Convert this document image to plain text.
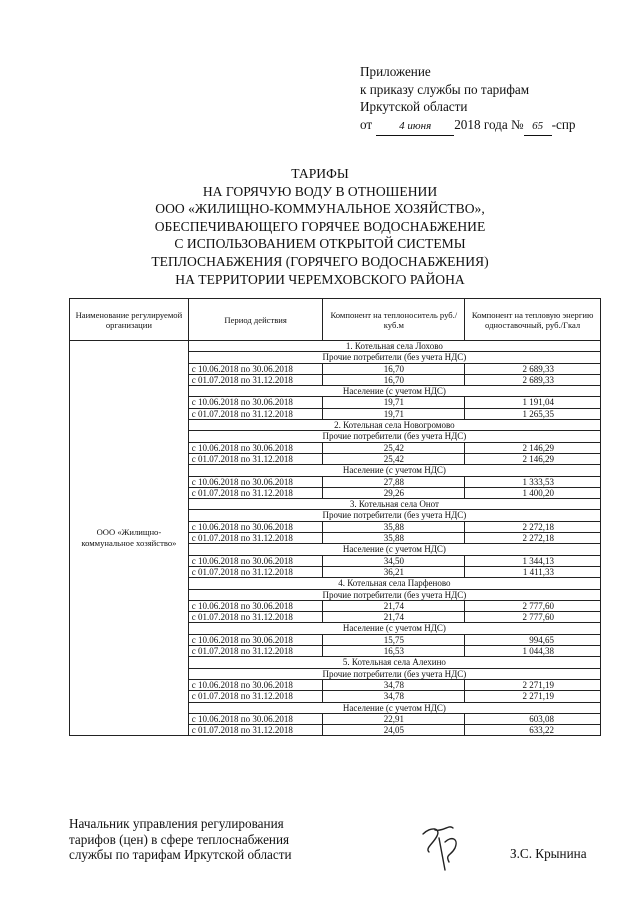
Приложение
к приказу службы по тарифам
Иркутской области
от 4 июня 2018 года № 65 -спр
ТАРИФЫ
НА ГОРЯЧУЮ ВОДУ В ОТНОШЕНИИ
ООО «ЖИЛИЩНО-КОММУНАЛЬНОЕ ХОЗЯЙСТВО»,
ОБЕСПЕЧИВАЮЩЕГО ГОРЯЧЕЕ ВОДОСНАБЖЕНИЕ
С ИСПОЛЬЗОВАНИЕМ ОТКРЫТОЙ СИСТЕМЫ
ТЕПЛОСНАБЖЕНИЯ (ГОРЯЧЕГО ВОДОСНАБЖЕНИЯ)
НА ТЕРРИТОРИИ ЧЕРЕМХОВСКОГО РАЙОНА
Наименование регулируемой организации	Период действия	Компонент на теплоноситель руб./куб.м	Компонент на тепловую энергию одноставочный, руб./Гкал
ООО «Жилищно-коммунальное хозяйство»	1. Котельная села Лохово		
	Прочие потребители (без учета НДС)		
	с 10.06.2018 по 30.06.2018	16,70	2 689,33
	с 01.07.2018 по 31.12.2018	16,70	2 689,33
	Население (с учетом НДС)		
	с 10.06.2018 по 30.06.2018	19,71	1 191,04
	с 01.07.2018 по 31.12.2018	19,71	1 265,35
	2. Котельная села Новогромово		
	Прочие потребители (без учета НДС)		
	с 10.06.2018 по 30.06.2018	25,42	2 146,29
	с 01.07.2018 по 31.12.2018	25,42	2 146,29
	Население (с учетом НДС)		
	с 10.06.2018 по 30.06.2018	27,88	1 333,53
	с 01.07.2018 по 31.12.2018	29,26	1 400,20
	3. Котельная села Онот		
	Прочие потребители (без учета НДС)		
	с 10.06.2018 по 30.06.2018	35,88	2 272,18
	с 01.07.2018 по 31.12.2018	35,88	2 272,18
	Население (с учетом НДС)		
	с 10.06.2018 по 30.06.2018	34,50	1 344,13
	с 01.07.2018 по 31.12.2018	36,21	1 411,33
	4. Котельная села Парфеново		
	Прочие потребители (без учета НДС)		
	с 10.06.2018 по 30.06.2018	21,74	2 777,60
	с 01.07.2018 по 31.12.2018	21,74	2 777,60
	Население (с учетом НДС)		
	с 10.06.2018 по 30.06.2018	15,75	994,65
	с 01.07.2018 по 31.12.2018	16,53	1 044,38
	5. Котельная села Алехино		
	Прочие потребители (без учета НДС)		
	с 10.06.2018 по 30.06.2018	34,78	2 271,19
	с 01.07.2018 по 31.12.2018	34,78	2 271,19
	Население (с учетом НДС)		
	с 10.06.2018 по 30.06.2018	22,91	603,08
	с 01.07.2018 по 31.12.2018	24,05	633,22
Начальник управления регулирования
тарифов (цен) в сфере теплоснабжения
службы по тарифам Иркутской области	З.С. Крынина
